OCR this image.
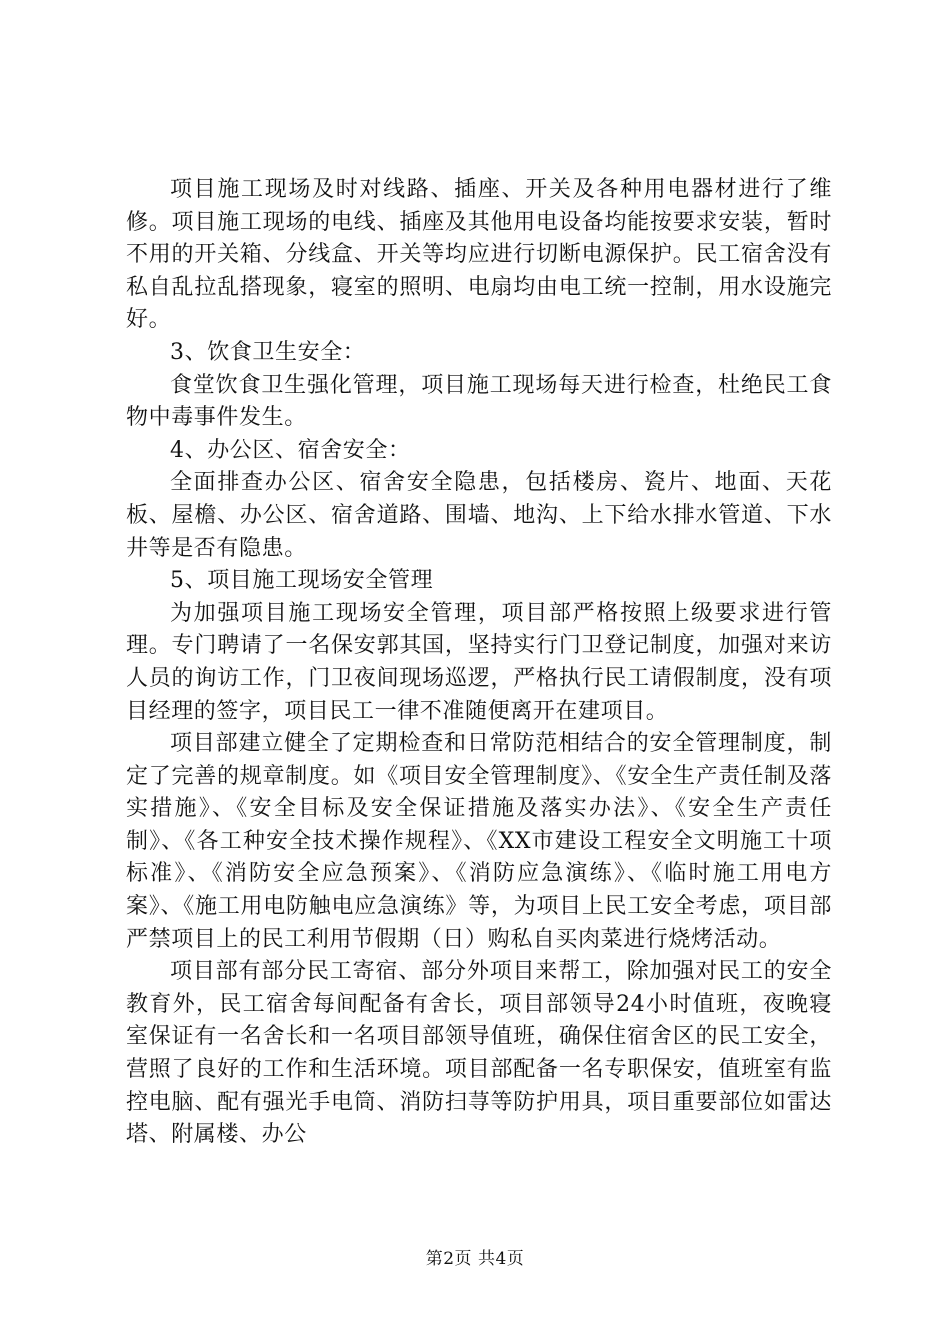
项目施工现场及时对线路、插座、开关及各种用电器材进行了维修。项目施工现场的电线、插座及其他用电设备均能按要求安装，暂时不用的开关箱、分线盒、开关等均应进行切断电源保护。民工宿舍没有私自乱拉乱搭现象，寝室的照明、电扇均由电工统一控制，用水设施完好。

3、饮食卫生安全：

食堂饮食卫生强化管理，项目施工现场每天进行检查，杜绝民工食物中毒事件发生。

4、办公区、宿舍安全：

全面排查办公区、宿舍安全隐患，包括楼房、瓷片、地面、天花板、屋檐、办公区、宿舍道路、围墙、地沟、上下给水排水管道、下水井等是否有隐患。

5、项目施工现场安全管理

为加强项目施工现场安全管理，项目部严格按照上级要求进行管理。专门聘请了一名保安郭其国，坚持实行门卫登记制度，加强对来访人员的询访工作，门卫夜间现场巡逻，严格执行民工请假制度，没有项目经理的签字，项目民工一律不准随便离开在建项目。

项目部建立健全了定期检查和日常防范相结合的安全管理制度，制定了完善的规章制度。如《项目安全管理制度》、《安全生产责任制及落实措施》、《安全目标及安全保证措施及落实办法》、《安全生产责任制》、《各工种安全技术操作规程》、《XX市建设工程安全文明施工十项标准》、《消防安全应急预案》、《消防应急演练》、《临时施工用电方案》、《施工用电防触电应急演练》等，为项目上民工安全考虑，项目部严禁项目上的民工利用节假期（日）购私自买肉菜进行烧烤活动。

项目部有部分民工寄宿、部分外项目来帮工，除加强对民工的安全教育外，民工宿舍每间配备有舍长，项目部领导24小时值班，夜晚寝室保证有一名舍长和一名项目部领导值班，确保住宿舍区的民工安全，营照了良好的工作和生活环境。项目部配备一名专职保安，值班室有监控电脑、配有强光手电筒、消防扫荨等防护用具，项目重要部位如雷达塔、附属楼、办公

第2页 共4页
